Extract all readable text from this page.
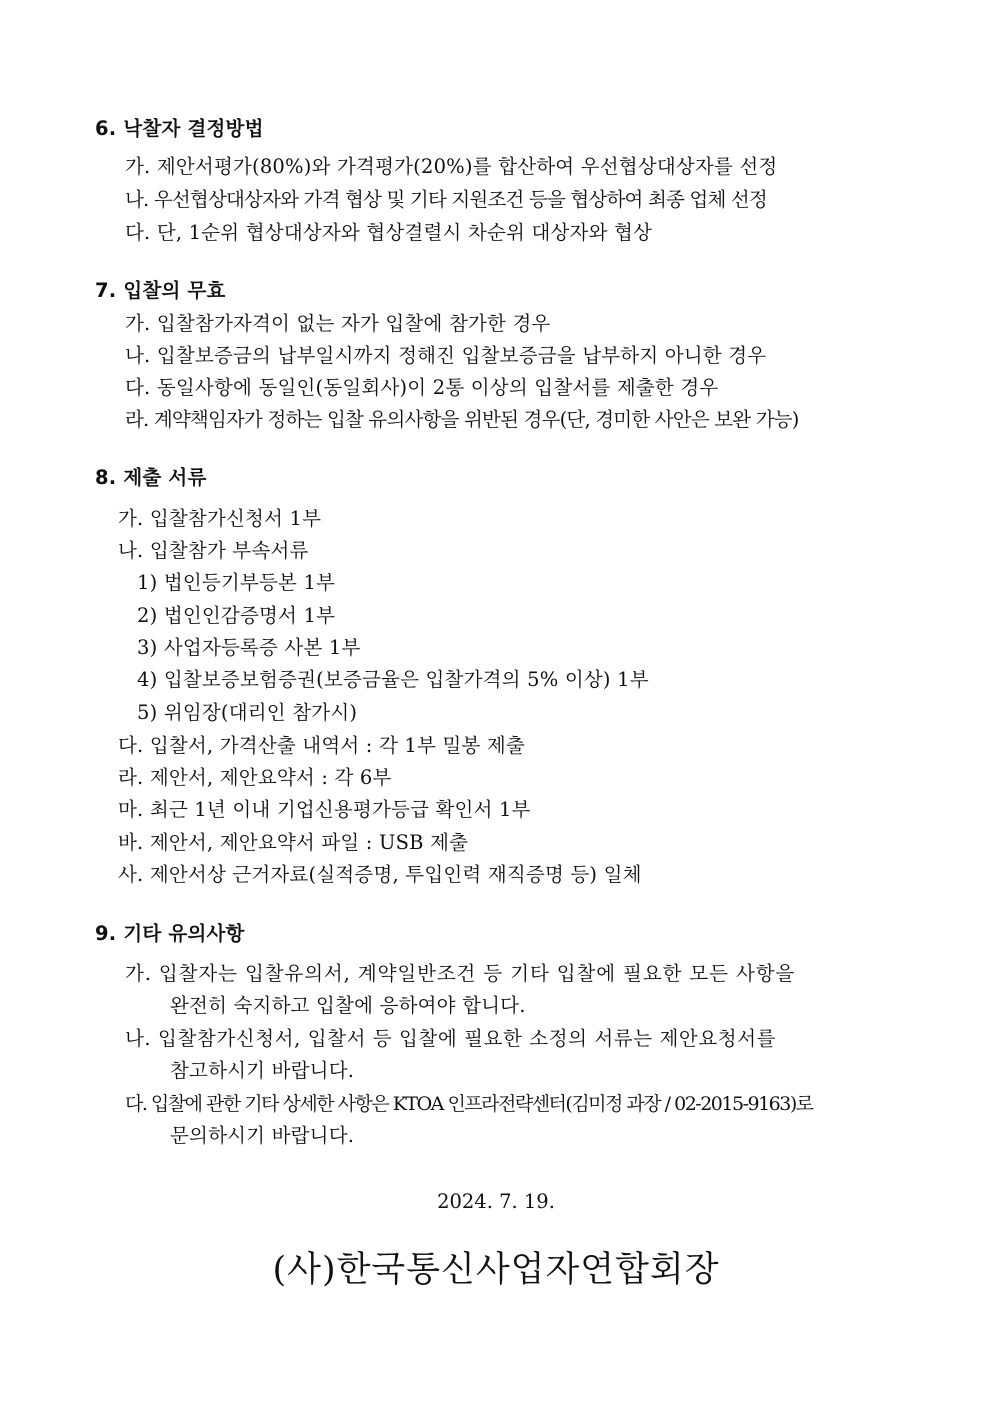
6. 낙찰자 결정방법
가. 제안서평가(80%)와 가격평가(20%)를 합산하여 우선협상대상자를 선정
나. 우선협상대상자와 가격 협상 및 기타 지원조건 등을 협상하여 최종 업체 선정
다. 단, 1순위 협상대상자와 협상결렬시 차순위 대상자와 협상
7. 입찰의 무효
가. 입찰참가자격이 없는 자가 입찰에 참가한 경우
나. 입찰보증금의 납부일시까지 정해진 입찰보증금을 납부하지 아니한 경우
다. 동일사항에 동일인(동일회사)이 2통 이상의 입찰서를 제출한 경우
라. 계약책임자가 정하는 입찰 유의사항을 위반된 경우(단, 경미한 사안은 보완 가능)
8. 제출 서류
가. 입찰참가신청서 1부
나. 입찰참가 부속서류
1) 법인등기부등본 1부
2) 법인인감증명서 1부
3) 사업자등록증 사본 1부
4) 입찰보증보험증권(보증금율은 입찰가격의 5% 이상) 1부
5) 위임장(대리인 참가시)
다. 입찰서, 가격산출 내역서 : 각 1부 밀봉 제출
라. 제안서, 제안요약서 : 각 6부
마. 최근 1년 이내 기업신용평가등급 확인서 1부
바. 제안서, 제안요약서 파일 : USB 제출
사. 제안서상 근거자료(실적증명, 투입인력 재직증명 등) 일체
9. 기타 유의사항
가. 입찰자는 입찰유의서, 계약일반조건 등 기타 입찰에 필요한 모든 사항을
완전히 숙지하고 입찰에 응하여야 합니다.
나. 입찰참가신청서, 입찰서 등 입찰에 필요한 소정의 서류는 제안요청서를
참고하시기 바랍니다.
다. 입찰에 관한 기타 상세한 사항은 KTOA 인프라전략센터(김미정 과장 / 02-2015-9163)로
문의하시기 바랍니다.
2024. 7. 19.
(사)한국통신사업자연합회장
